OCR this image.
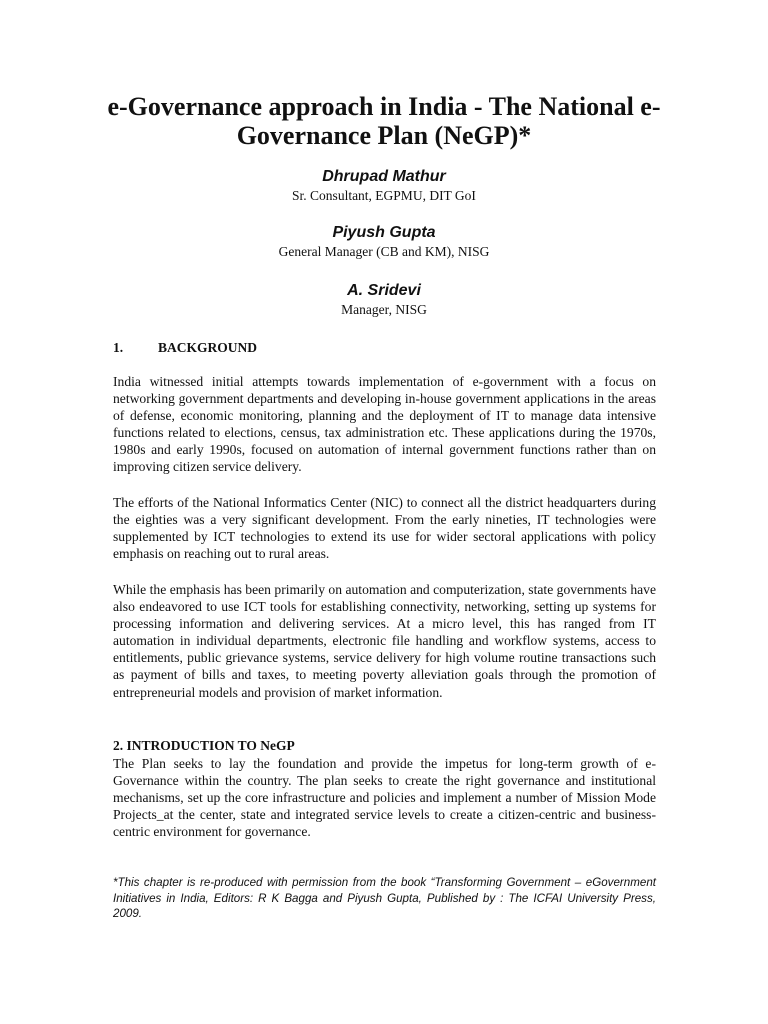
e-Governance approach in India - The National e-Governance Plan (NeGP)*

Dhrupad Mathur

Sr. Consultant, EGPMU, DIT GoI

Piyush Gupta

General Manager (CB and KM), NISG

A. Sridevi

Manager, NISG

1.	BACKGROUND

India witnessed initial attempts towards implementation of e-government with a focus on networking government departments and developing in-house government applications in the areas of defense, economic monitoring, planning and the deployment of IT to manage data intensive functions related to elections, census, tax administration etc. These applications during the 1970s, 1980s and early 1990s, focused on automation of internal government functions rather than on improving citizen service delivery.

The efforts of the National Informatics Center (NIC) to connect all the district headquarters during the eighties was a very significant development. From the early nineties, IT technologies were supplemented by ICT technologies to extend its use for wider sectoral applications with policy emphasis on reaching out to rural areas.

While the emphasis has been primarily on automation and computerization, state governments have also endeavored to use ICT tools for establishing connectivity, networking, setting up systems for processing information and delivering services. At a micro level, this has ranged from IT automation in individual departments, electronic file handling and workflow systems, access to entitlements, public grievance systems, service delivery for high volume routine transactions such as payment of bills and taxes, to meeting poverty alleviation goals through the promotion of entrepreneurial models and provision of market information.

2. INTRODUCTION TO NeGP

The Plan seeks to lay the foundation and provide the impetus for long-term growth of e-Governance within the country. The plan seeks to create the right governance and institutional mechanisms, set up the core infrastructure and policies and implement a number of Mission Mode Projects_at the center, state and integrated service levels to create a citizen-centric and business-centric environment for governance.

*This chapter is re-produced with permission from the book “Transforming Government – eGovernment Initiatives in India, Editors: R K Bagga and Piyush Gupta, Published by : The ICFAI University Press, 2009.
